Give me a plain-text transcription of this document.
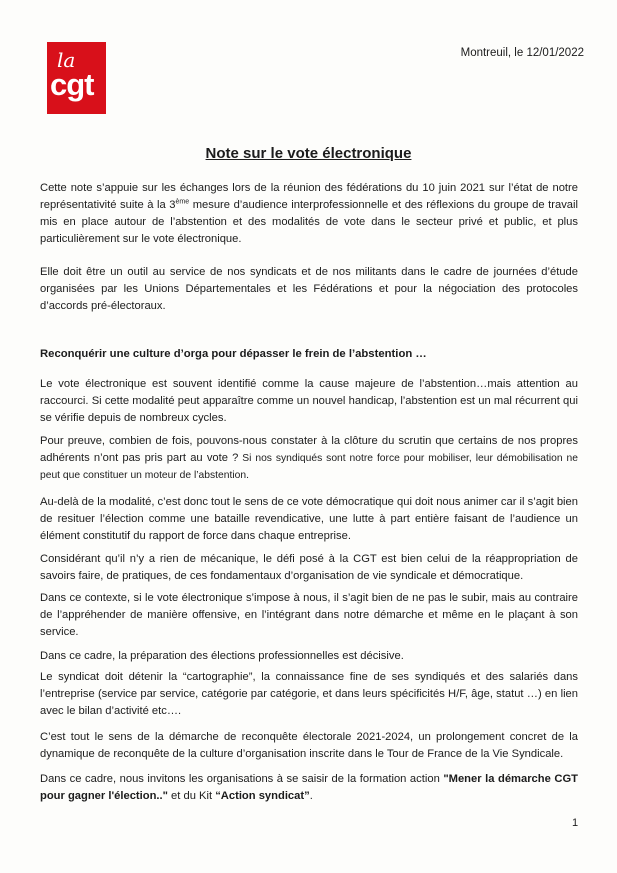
la
cgt
Montreuil, le 12/01/2022
Note sur le vote électronique
Cette note s’appuie sur les échanges lors de la réunion des fédérations du 10 juin 2021 sur l’état de notre représentativité suite à la 3ème mesure d’audience interprofessionnelle et des réflexions du groupe de travail mis en place autour de l’abstention et des modalités de vote dans le secteur privé et public, et plus particulièrement sur le vote électronique.
Elle doit être un outil au service de nos syndicats et de nos militants dans le cadre de journées d’étude organisées par les Unions Départementales et les Fédérations et pour la négociation des protocoles d’accords pré-électoraux.
Reconquérir une culture d’orga pour dépasser le frein de l’abstention …
Le vote électronique est souvent identifié comme la cause majeure de l’abstention…mais attention au raccourci. Si cette modalité peut apparaître comme un nouvel handicap, l’abstention est un mal récurrent qui se vérifie depuis de nombreux cycles.
Pour preuve, combien de fois, pouvons-nous constater à la clôture du scrutin que certains de nos propres adhérents n’ont pas pris part au vote ? Si nos syndiqués sont notre force pour mobiliser, leur démobilisation ne peut que constituer un moteur de l’abstention.
Au-delà de la modalité, c’est donc tout le sens de ce vote démocratique qui doit nous animer car il s’agit bien de resituer l’élection comme une bataille revendicative, une lutte à part entière faisant de l’audience un élément constitutif du rapport de force dans chaque entreprise.
Considérant qu’il n’y a rien de mécanique, le défi posé à la CGT est bien celui de la réappropriation de savoirs faire, de pratiques, de ces fondamentaux d’organisation de vie syndicale et démocratique.
Dans ce contexte, si le vote électronique s’impose à nous, il s’agit bien de ne pas le subir, mais au contraire de l’appréhender de manière offensive, en l’intégrant dans notre démarche et même en le plaçant à son service.
Dans ce cadre, la préparation des élections professionnelles est décisive.
Le syndicat doit détenir la “cartographie”, la connaissance fine de ses syndiqués et des salariés dans l’entreprise (service par service, catégorie par catégorie, et dans leurs spécificités H/F, âge, statut …) en lien avec le bilan d’activité etc….
C’est tout le sens de la démarche de reconquête électorale 2021-2024, un prolongement concret de la dynamique de reconquête de la culture d’organisation inscrite dans le Tour de France de la Vie Syndicale.
Dans ce cadre, nous invitons les organisations à se saisir de la formation action "Mener la démarche CGT pour gagner l'élection.." et du Kit “Action syndicat”.
1
